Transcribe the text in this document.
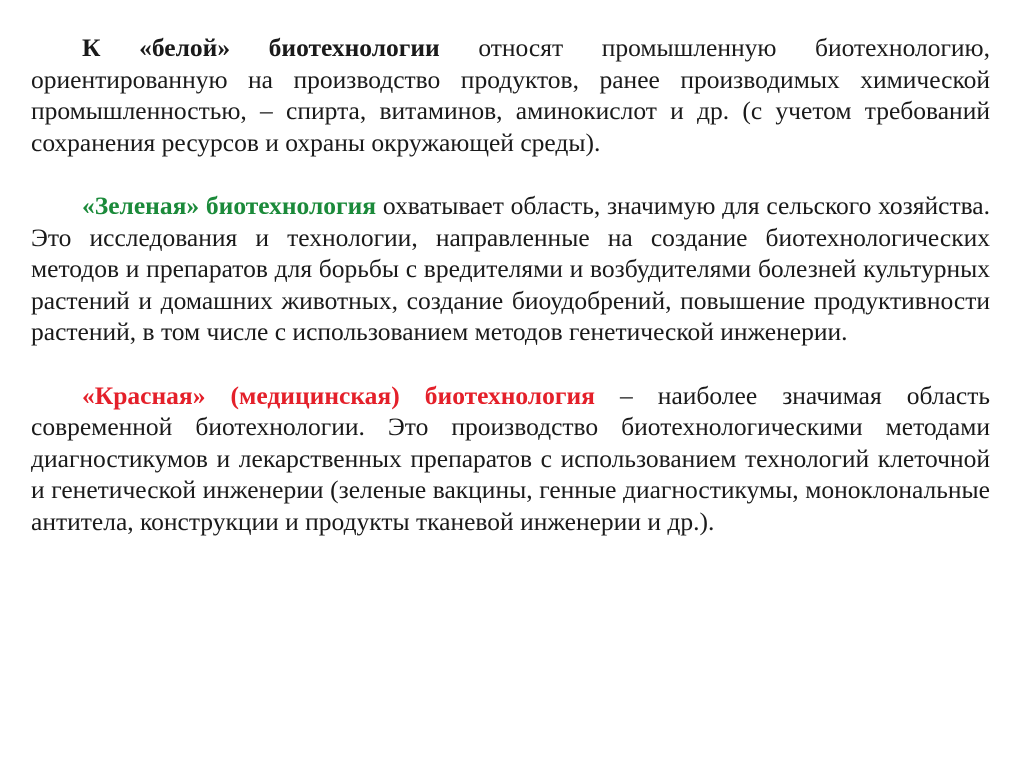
К «белой» биотехнологии относят промышленную биотехнологию, ориентированную на производство продуктов, ранее производимых химической промышленностью, – спирта, витаминов, аминокислот и др. (с учетом требований сохранения ресурсов и охраны окружающей среды).

«Зеленая» биотехнология охватывает область, значимую для сельского хозяйства. Это исследования и технологии, направленные на создание биотехнологических методов и препаратов для борьбы с вредителями и возбудителями болезней культурных растений и домашних животных, создание биоудобрений, повышение продуктивности растений, в том числе с использованием методов генетической инженерии.

«Красная» (медицинская) биотехнология – наиболее значимая область современной биотехнологии. Это производство биотехнологическими методами диагностикумов и лекарственных препаратов с использованием технологий клеточной и генетической инженерии (зеленые вакцины, генные диагностикумы, моноклональные антитела, конструкции и продукты тканевой инженерии и др.).
